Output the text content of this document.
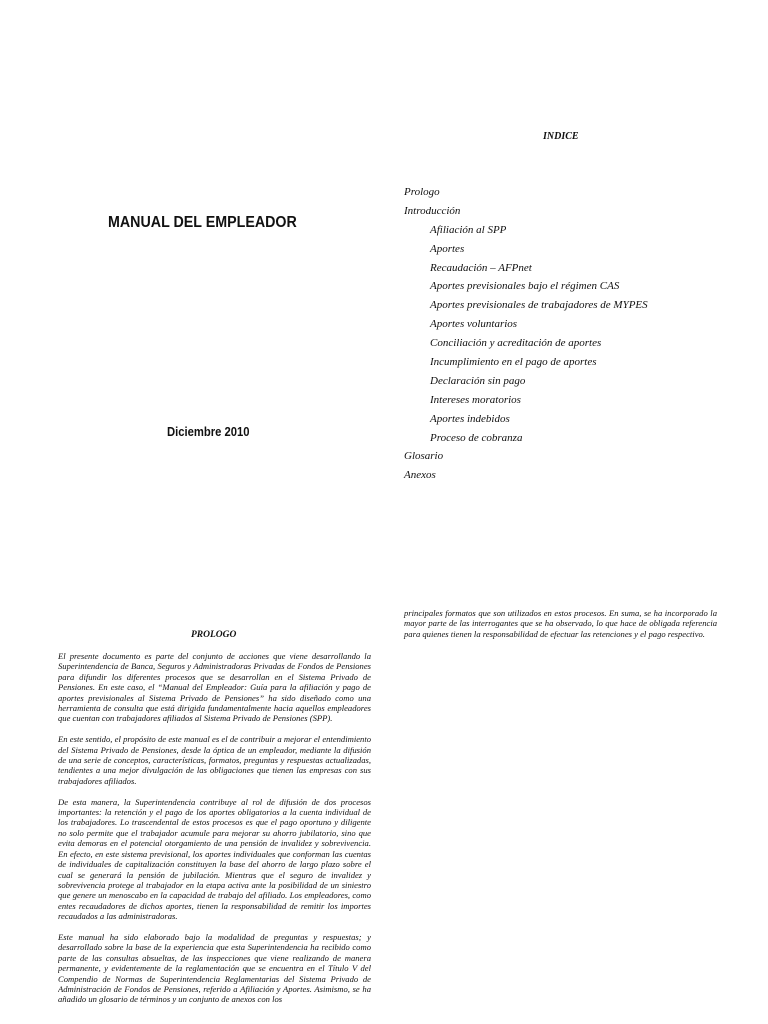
MANUAL DEL EMPLEADOR
Diciembre 2010
INDICE
Prologo
Introducción
Afiliación al SPP
Aportes
Recaudación – AFPnet
Aportes previsionales bajo el régimen CAS
Aportes previsionales de trabajadores de MYPES
Aportes voluntarios
Conciliación y acreditación de aportes
Incumplimiento en el pago de aportes
Declaración sin pago
Intereses moratorios
Aportes indebidos
Proceso de cobranza
Glosario
Anexos
PROLOGO

El presente documento es parte del conjunto de acciones que viene desarrollando la Superintendencia de Banca, Seguros y Administradoras Privadas de Fondos de Pensiones para difundir los diferentes procesos que se desarrollan en el Sistema Privado de Pensiones. En este caso, el “Manual del Empleador: Guía para la afiliación y pago de aportes previsionales al Sistema Privado de Pensiones” ha sido diseñado como una herramienta de consulta que está dirigida fundamentalmente hacia aquellos empleadores que cuentan con trabajadores afiliados al Sistema Privado de Pensiones (SPP).

En este sentido, el propósito de este manual es el de contribuir a mejorar el entendimiento del Sistema Privado de Pensiones, desde la óptica de un empleador, mediante la difusión de una serie de conceptos, características, formatos, preguntas y respuestas actualizadas, tendientes a una mejor divulgación de las obligaciones que tienen las empresas con sus trabajadores afiliados.

De esta manera, la Superintendencia contribuye al rol de difusión de dos procesos importantes: la retención y el pago de los aportes obligatorios a la cuenta individual de los trabajadores. Lo trascendental de estos procesos es que el pago oportuno y diligente no solo permite que el trabajador acumule para mejorar su ahorro jubilatorio, sino que evita demoras en el potencial otorgamiento de una pensión de invalidez y sobrevivencia. En efecto, en este sistema previsional, los aportes individuales que conforman las cuentas de individuales de capitalización constituyen la base del ahorro de largo plazo sobre el cual se generará la pensión de jubilación. Mientras que el seguro de invalidez y sobrevivencia protege al trabajador en la etapa activa ante la posibilidad de un siniestro que genere un menoscabo en la capacidad de trabajo del afiliado. Los empleadores, como entes recaudadores de dichos aportes, tienen la responsabilidad de remitir los importes recaudados a las administradoras.

Este manual ha sido elaborado bajo la modalidad de preguntas y respuestas; y desarrollado sobre la base de la experiencia que esta Superintendencia ha recibido como parte de las consultas absueltas, de las inspecciones que viene realizando de manera permanente, y evidentemente de la reglamentación que se encuentra en el Título V del Compendio de Normas de Superintendencia Reglamentarias del Sistema Privado de Administración de Fondos de Pensiones, referido a Afiliación y Aportes. Asimismo, se ha añadido un glosario de términos y un conjunto de anexos con los

principales formatos que son utilizados en estos procesos. En suma, se ha incorporado la mayor parte de las interrogantes que se ha observado, lo que hace de obligada referencia para quienes tienen la responsabilidad de efectuar las retenciones y el pago respectivo.
